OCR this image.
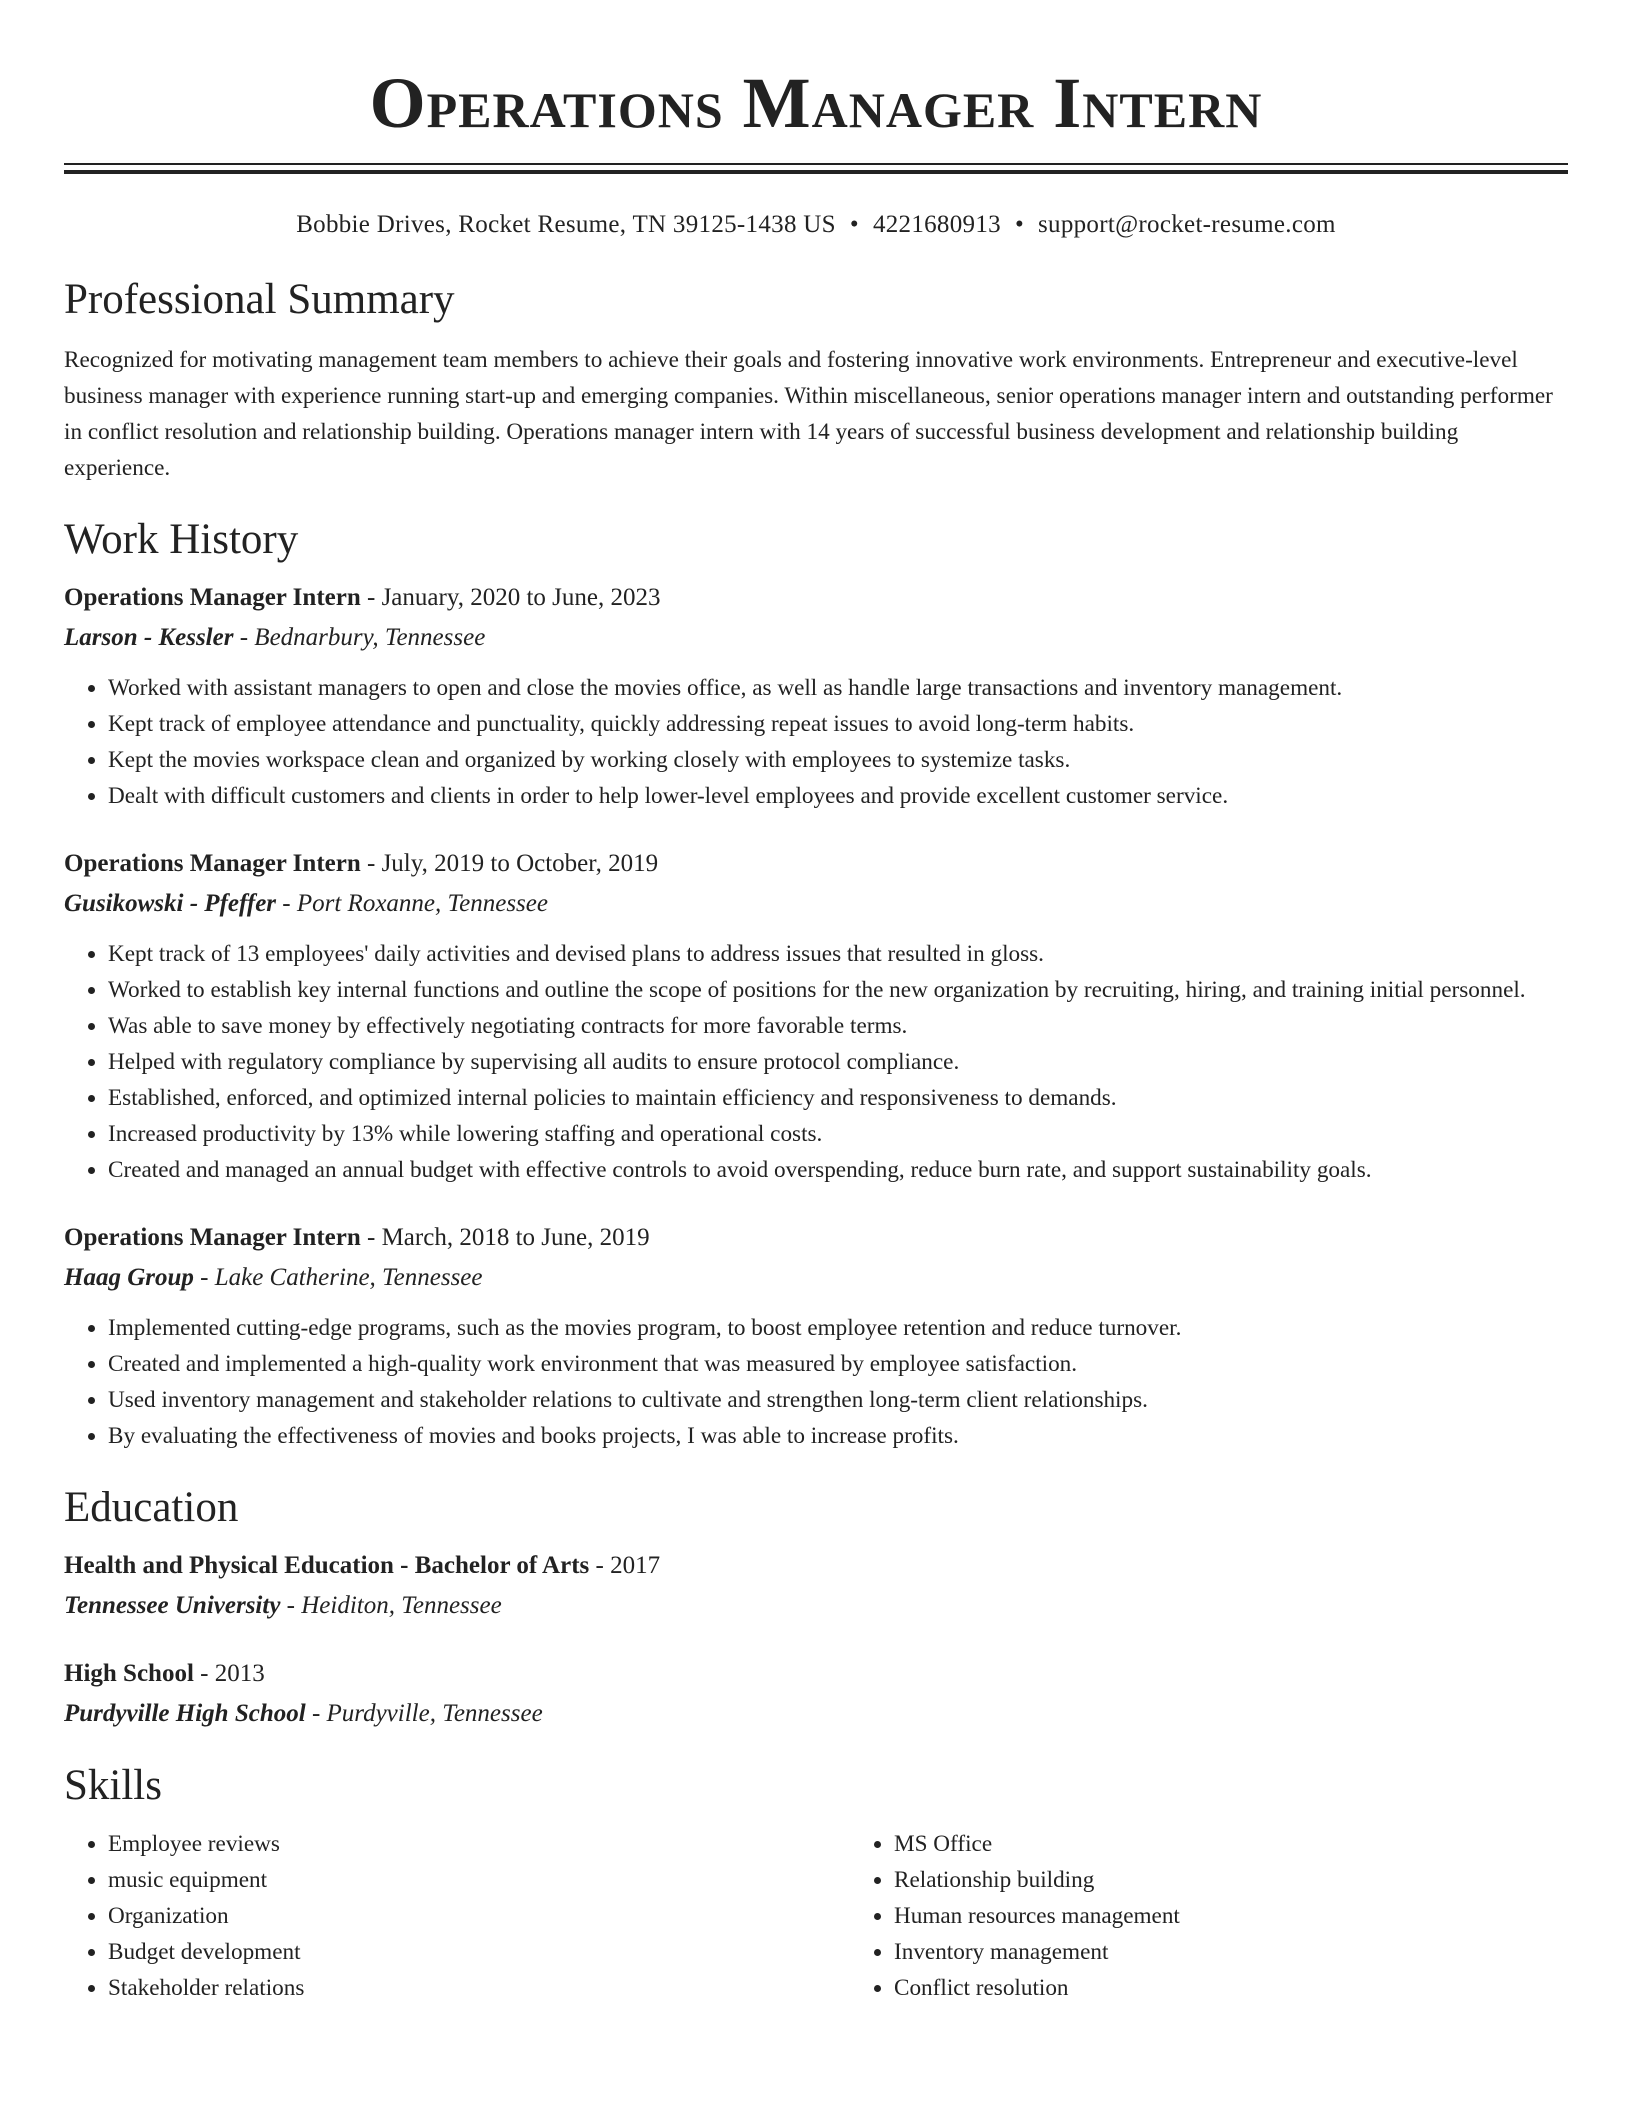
Operations Manager Intern
Bobbie Drives, Rocket Resume, TN 39125-1438 US • 4221680913 • support@rocket-resume.com
Professional Summary

Recognized for motivating management team members to achieve their goals and fostering innovative work environments. Entrepreneur and executive-level business manager with experience running start-up and emerging companies. Within miscellaneous, senior operations manager intern and outstanding performer in conflict resolution and relationship building. Operations manager intern with 14 years of successful business development and relationship building experience.

Work History
Operations Manager Intern - January, 2020 to June, 2023
Larson - Kessler - Bednarbury, Tennessee
• Worked with assistant managers to open and close the movies office, as well as handle large transactions and inventory management.
• Kept track of employee attendance and punctuality, quickly addressing repeat issues to avoid long-term habits.
• Kept the movies workspace clean and organized by working closely with employees to systemize tasks.
• Dealt with difficult customers and clients in order to help lower-level employees and provide excellent customer service.
Operations Manager Intern - July, 2019 to October, 2019
Gusikowski - Pfeffer - Port Roxanne, Tennessee
• Kept track of 13 employees' daily activities and devised plans to address issues that resulted in gloss.
• Worked to establish key internal functions and outline the scope of positions for the new organization by recruiting, hiring, and training initial personnel.
• Was able to save money by effectively negotiating contracts for more favorable terms.
• Helped with regulatory compliance by supervising all audits to ensure protocol compliance.
• Established, enforced, and optimized internal policies to maintain efficiency and responsiveness to demands.
• Increased productivity by 13% while lowering staffing and operational costs.
• Created and managed an annual budget with effective controls to avoid overspending, reduce burn rate, and support sustainability goals.
Operations Manager Intern - March, 2018 to June, 2019
Haag Group - Lake Catherine, Tennessee
• Implemented cutting-edge programs, such as the movies program, to boost employee retention and reduce turnover.
• Created and implemented a high-quality work environment that was measured by employee satisfaction.
• Used inventory management and stakeholder relations to cultivate and strengthen long-term client relationships.
• By evaluating the effectiveness of movies and books projects, I was able to increase profits.
Education
Health and Physical Education - Bachelor of Arts - 2017
Tennessee University - Heiditon, Tennessee
High School - 2013
Purdyville High School - Purdyville, Tennessee
Skills
• Employee reviews
• music equipment
• Organization
• Budget development
• Stakeholder relations
• MS Office
• Relationship building
• Human resources management
• Inventory management
• Conflict resolution
